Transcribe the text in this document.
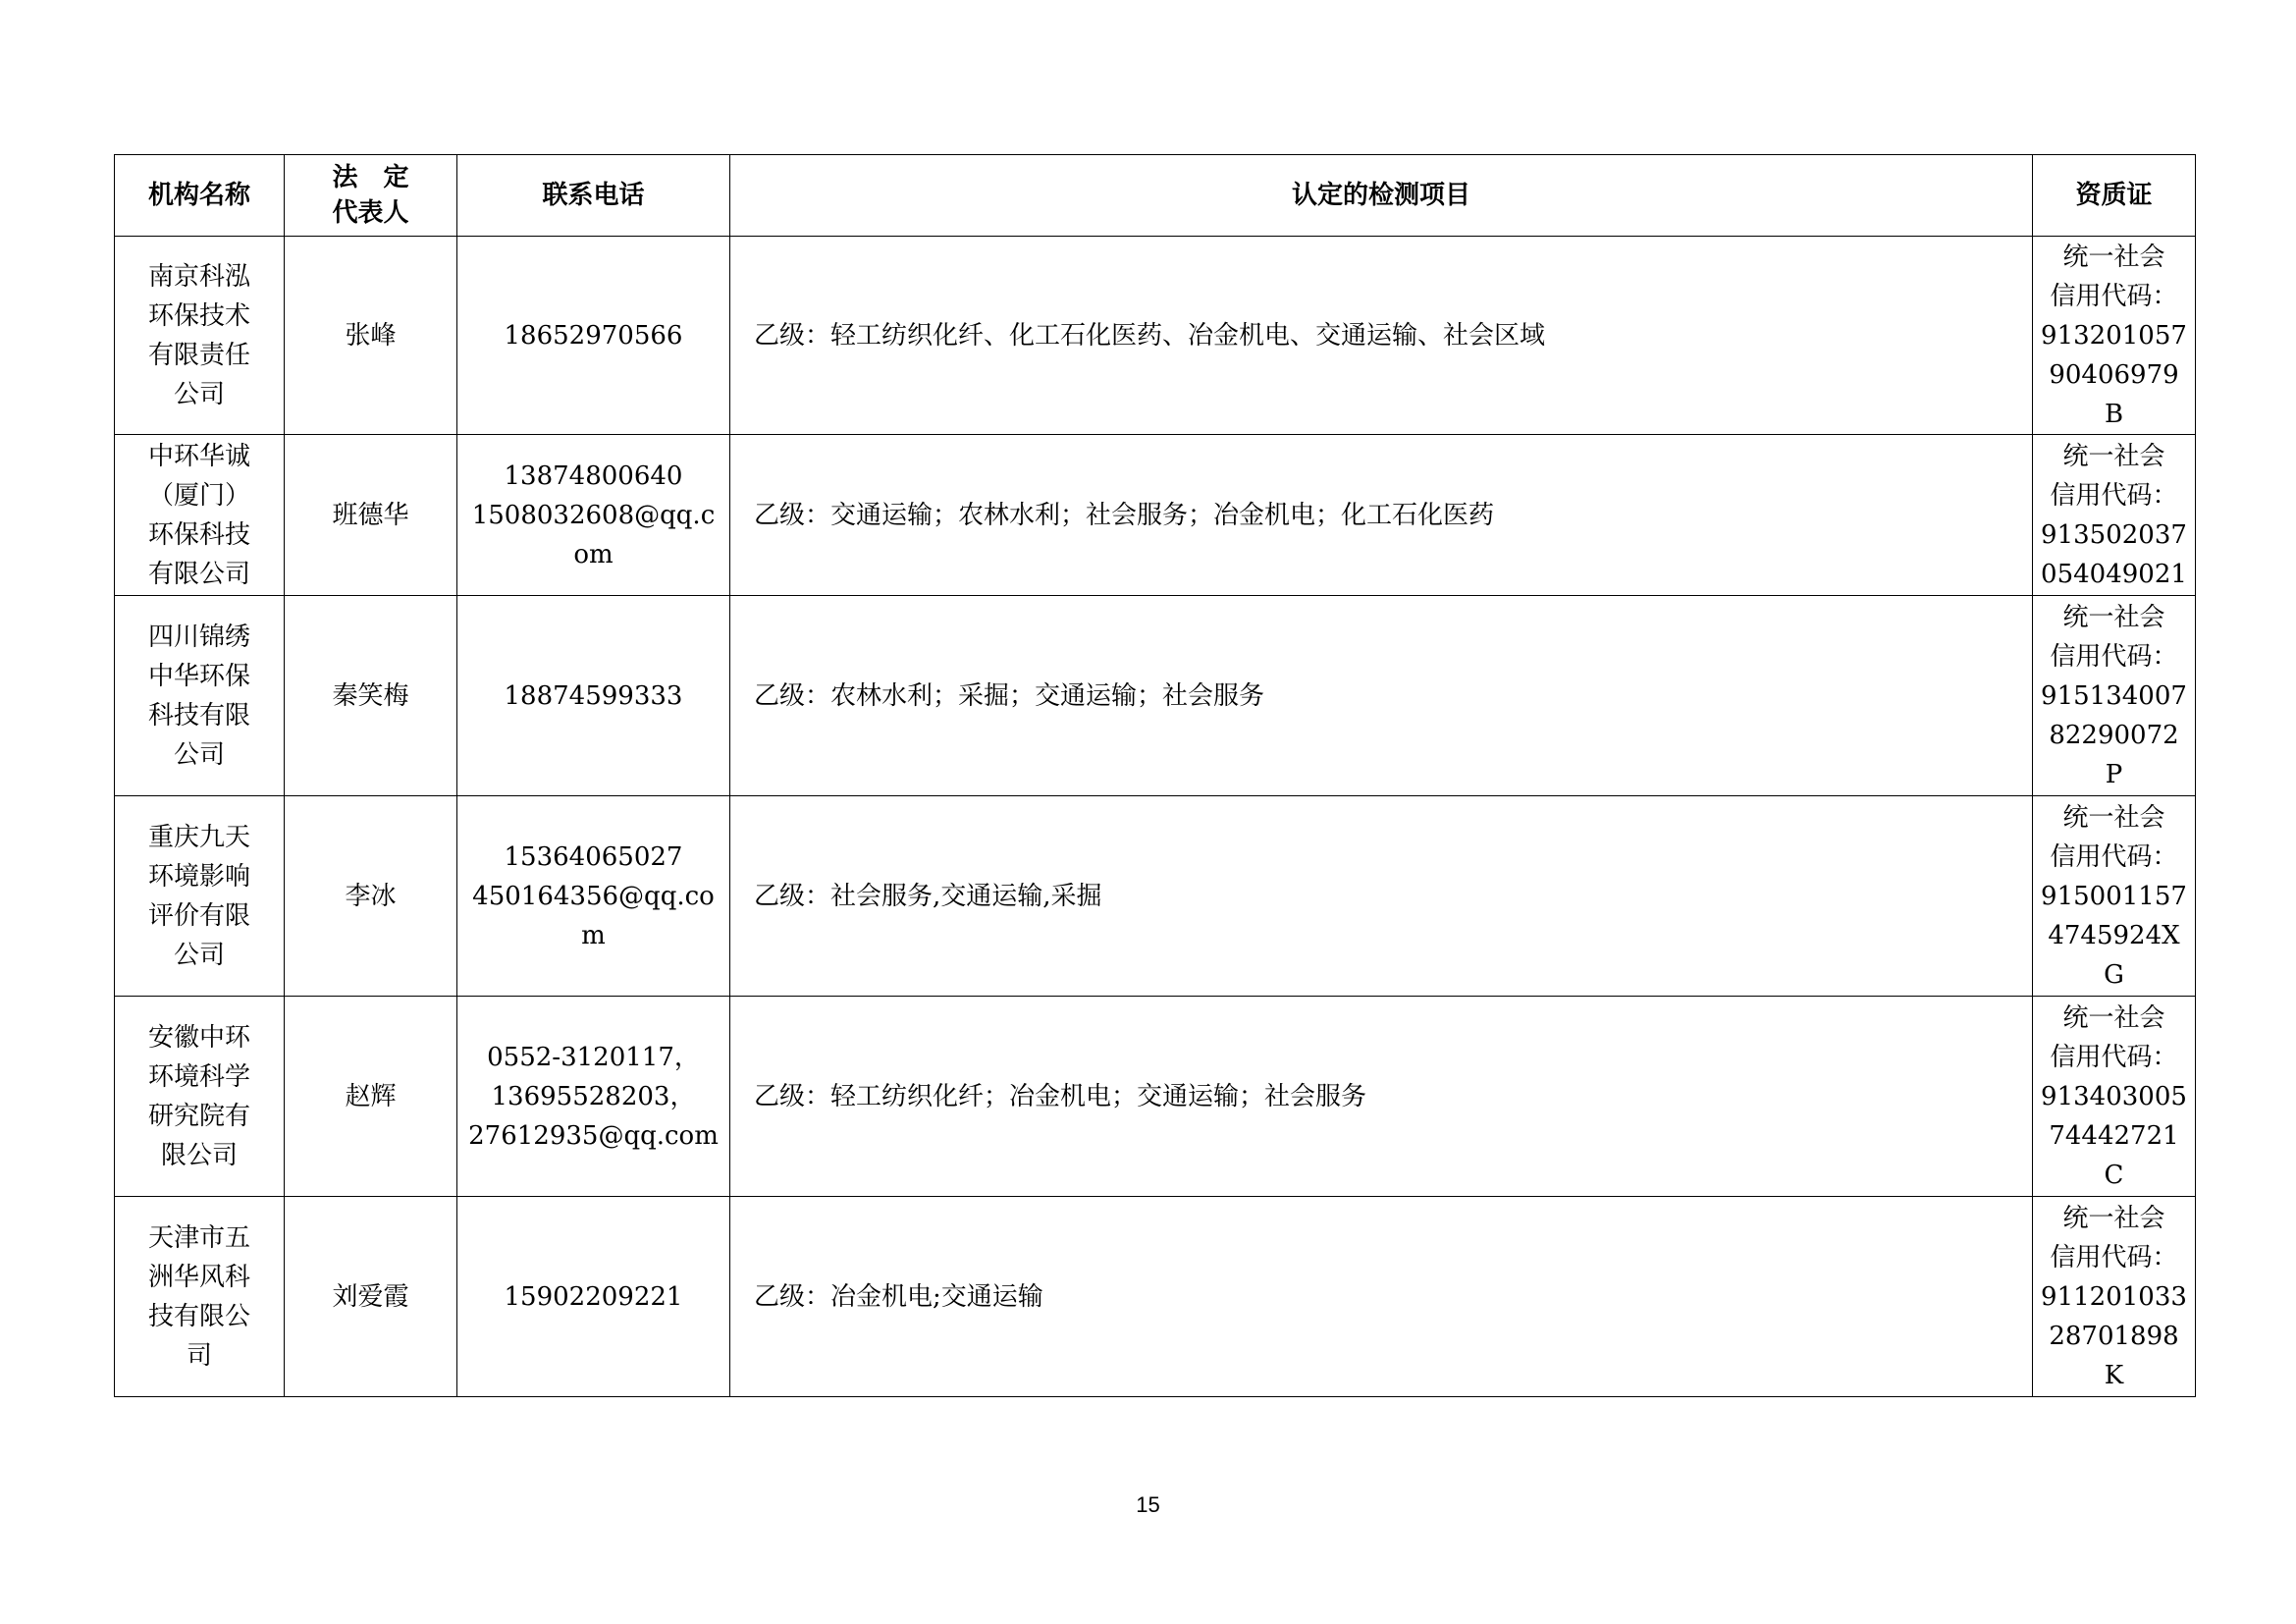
机构名称	法　定
代表人	联系电话	认定的检测项目	资质证

南京科泓
环保技术
有限责任
公司	张峰	18652970566	乙级：轻工纺织化纤、化工石化医药、冶金机电、交通运输、社会区域	统一社会
信用代码：
913201057
90406979
B

中环华诚
（厦门）
环保科技
有限公司	班德华	13874800640
1508032608@qq.c
om	乙级：交通运输；农林水利；社会服务；冶金机电；化工石化医药	统一社会
信用代码：
913502037
054049021

四川锦绣
中华环保
科技有限
公司	秦笑梅	18874599333	乙级：农林水利；采掘；交通运输；社会服务	统一社会
信用代码：
915134007
82290072
P

重庆九天
环境影响
评价有限
公司	李冰	15364065027
450164356@qq.co
m	乙级：社会服务,交通运输,采掘	统一社会
信用代码：
915001157
4745924X
G

安徽中环
环境科学
研究院有
限公司	赵辉	0552-3120117，
13695528203，
27612935@qq.com	乙级：轻工纺织化纤；冶金机电；交通运输；社会服务	统一社会
信用代码：
913403005
74442721
C

天津市五
洲华风科
技有限公
司	刘爱霞	15902209221	乙级：冶金机电;交通运输	统一社会
信用代码：
911201033
28701898
K
15
